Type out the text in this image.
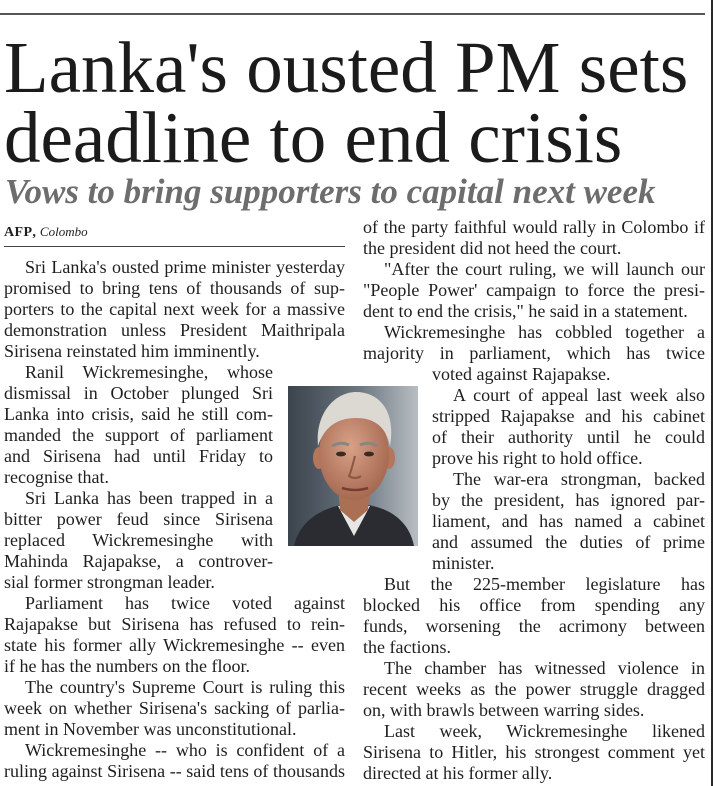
Lanka's ousted PM sets
deadline to end crisis
Vows to bring supporters to capital next week
AFP, Colombo
Sri Lanka's ousted prime minister yesterday
promised to bring tens of thousands of sup-
porters to the capital next week for a massive
demonstration unless President Maithripala
Sirisena reinstated him imminently.
Ranil Wickremesinghe, whose
dismissal in October plunged Sri
Lanka into crisis, said he still com-
manded the support of parliament
and Sirisena had until Friday to
recognise that.
Sri Lanka has been trapped in a
bitter power feud since Sirisena
replaced Wickremesinghe with
Mahinda Rajapakse, a controver-
sial former strongman leader.
Parliament has twice voted against
Rajapakse but Sirisena has refused to rein-
state his former ally Wickremesinghe -- even
if he has the numbers on the floor.
The country's Supreme Court is ruling this
week on whether Sirisena's sacking of parlia-
ment in November was unconstitutional.
Wickremesinghe -- who is confident of a
ruling against Sirisena -- said tens of thousands
of the party faithful would rally in Colombo if
the president did not heed the court.
"After the court ruling, we will launch our
"People Power' campaign to force the presi-
dent to end the crisis," he said in a statement.
Wickremesinghe has cobbled together a
majority in parliament, which has twice
voted against Rajapakse.
A court of appeal last week also
stripped Rajapakse and his cabinet
of their authority until he could
prove his right to hold office.
The war-era strongman, backed
by the president, has ignored par-
liament, and has named a cabinet
and assumed the duties of prime
minister.
But the 225-member legislature has
blocked his office from spending any
funds, worsening the acrimony between
the factions.
The chamber has witnessed violence in
recent weeks as the power struggle dragged
on, with brawls between warring sides.
Last week, Wickremesinghe likened
Sirisena to Hitler, his strongest comment yet
directed at his former ally.
